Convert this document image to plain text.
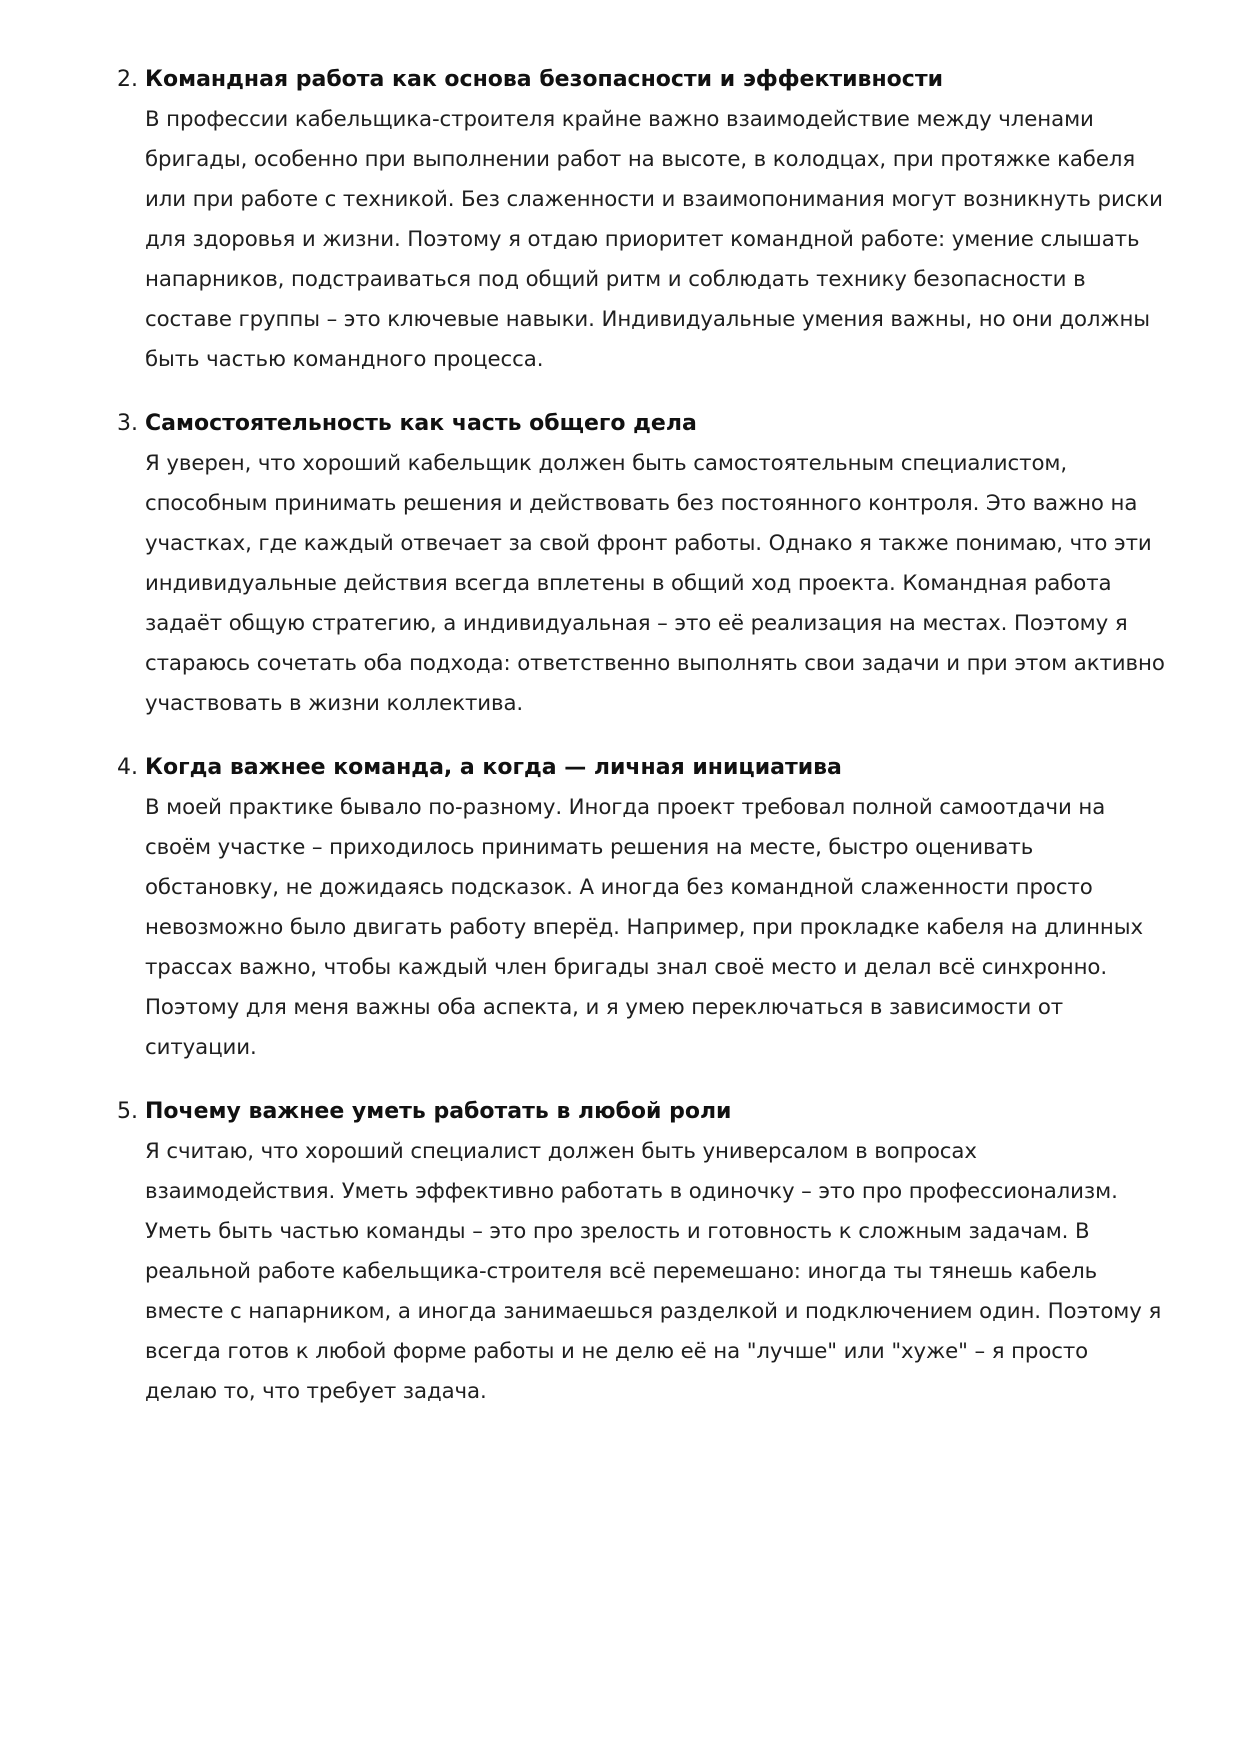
2. Командная работа как основа безопасности и эффективности

В профессии кабельщика-строителя крайне важно взаимодействие между членами бригады, особенно при выполнении работ на высоте, в колодцах, при протяжке кабеля или при работе с техникой. Без слаженности и взаимопонимания могут возникнуть риски для здоровья и жизни. Поэтому я отдаю приоритет командной работе: умение слышать напарников, подстраиваться под общий ритм и соблюдать технику безопасности в составе группы – это ключевые навыки. Индивидуальные умения важны, но они должны быть частью командного процесса.

3. Самостоятельность как часть общего дела

Я уверен, что хороший кабельщик должен быть самостоятельным специалистом, способным принимать решения и действовать без постоянного контроля. Это важно на участках, где каждый отвечает за свой фронт работы. Однако я также понимаю, что эти индивидуальные действия всегда вплетены в общий ход проекта. Командная работа задаёт общую стратегию, а индивидуальная – это её реализация на местах. Поэтому я стараюсь сочетать оба подхода: ответственно выполнять свои задачи и при этом активно участвовать в жизни коллектива.

4. Когда важнее команда, а когда — личная инициатива

В моей практике бывало по-разному. Иногда проект требовал полной самоотдачи на своём участке – приходилось принимать решения на месте, быстро оценивать обстановку, не дожидаясь подсказок. А иногда без командной слаженности просто невозможно было двигать работу вперёд. Например, при прокладке кабеля на длинных трассах важно, чтобы каждый член бригады знал своё место и делал всё синхронно. Поэтому для меня важны оба аспекта, и я умею переключаться в зависимости от ситуации.

5. Почему важнее уметь работать в любой роли

Я считаю, что хороший специалист должен быть универсалом в вопросах взаимодействия. Уметь эффективно работать в одиночку – это про профессионализм. Уметь быть частью команды – это про зрелость и готовность к сложным задачам. В реальной работе кабельщика-строителя всё перемешано: иногда ты тянешь кабель вместе с напарником, а иногда занимаешься разделкой и подключением один. Поэтому я всегда готов к любой форме работы и не делю её на "лучше" или "хуже" – я просто делаю то, что требует задача.
